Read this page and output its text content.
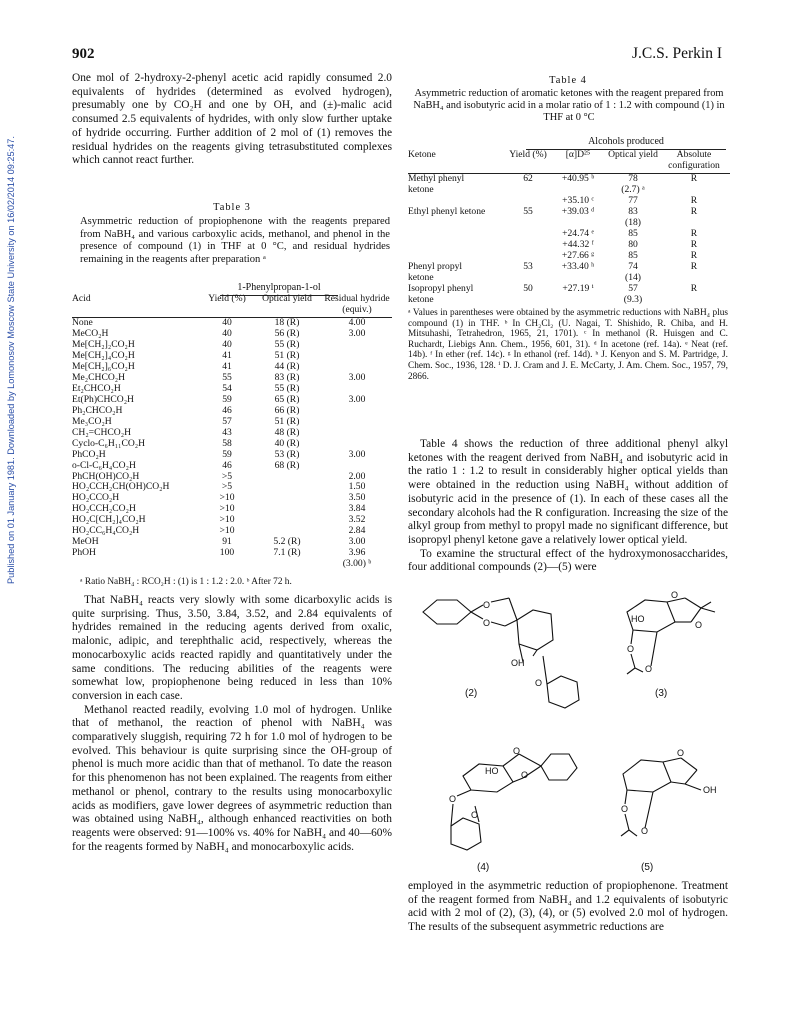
Published on 01 January 1981. Downloaded by Lomonosov Moscow State University on 16/02/2014 09:25:47.
902	J.C.S. Perkin I

One mol of 2-hydroxy-2-phenyl acetic acid rapidly consumed 2.0 equivalents of hydrides (determined as evolved hydrogen), presumably one by CO₂H and one by OH, and (±)-malic acid consumed 2.5 equivalents of hydrides, with only slow further uptake of hydride occurring. Further addition of 2 mol of (1) removes the residual hydrides on the reagents giving tetrasubstituted complexes which cannot react further.

Table 3
Asymmetric reduction of propiophenone with the reagents prepared from NaBH₄ and various carboxylic acids, methanol, and phenol in the presence of compound (1) in THF at 0 °C, and residual hydrides remaining in the reagents after preparation ᵃ
1-Phenylpropan-1-ol
Acid	Yield (%)	Optical yield	Residual hydride (equiv.)
None	40	18 (R)	4.00
MeCO₂H	40	56 (R)	3.00
Me[CH₂]₂CO₂H	40	55 (R)	
Me[CH₂]₄CO₂H	41	51 (R)	
Me[CH₂]₆CO₂H	41	44 (R)	
Me₂CHCO₂H	55	83 (R)	3.00
Et₂CHCO₂H	54	55 (R)	
Et(Ph)CHCO₂H	59	65 (R)	3.00
Ph₂CHCO₂H	46	66 (R)	
Me₃CO₂H	57	51 (R)	
CH₂=CHCO₂H	43	48 (R)	
Cyclo-C₆H₁₁CO₂H	58	40 (R)	
PhCO₂H	59	53 (R)	3.00
o-Cl-C₆H₄CO₂H	46	68 (R)	
PhCH(OH)CO₂H	>5		2.00
HO₂CCH₂CH(OH)CO₂H	>5		1.50
HO₂CCO₂H	>10		3.50
HO₂CCH₂CO₂H	>10		3.84
HO₂C[CH₂]₄CO₂H	>10		3.52
HO₂CC₆H₄CO₂H	>10		2.84
MeOH	91	5.2 (R)	3.00
PhOH	100	7.1 (R)	3.96
			(3.00) ᵇ
ᵃ Ratio NaBH₄ : RCO₂H : (1) is 1 : 1.2 : 2.0. ᵇ After 72 h.

That NaBH₄ reacts very slowly with some dicarboxylic acids is quite surprising. Thus, 3.50, 3.84, 3.52, and 2.84 equivalents of hydrides remained in the reducing agents derived from oxalic, malonic, adipic, and terephthalic acid, respectively, whereas the monocarboxylic acids reacted rapidly and quantitatively under the same conditions. The reducing abilities of the reagents were somewhat low, propiophenone being reduced in less than 10% conversion in each case.

Methanol reacted readily, evolving 1.0 mol of hydrogen. Unlike that of methanol, the reaction of phenol with NaBH₄ was comparatively sluggish, requiring 72 h for 1.0 mol of hydrogen to be evolved. This behaviour is quite surprising since the OH-group of phenol is much more acidic than that of methanol. To date the reason for this phenomenon has not been explained. The reagents from either methanol or phenol, contrary to the results using monocarboxylic acids as modifiers, gave lower degrees of asymmetric reduction than was obtained using NaBH₄, although enhanced reactivities on both reagents were observed: 91—100% vs. 40% for NaBH₄ and 40—60% for the reagents formed by NaBH₄ and monocarboxylic acids.

Table 4
Asymmetric reduction of aromatic ketones with the reagent prepared from NaBH₄ and isobutyric acid in a molar ratio of 1 : 1.2 with compound (1) in THF at 0 °C
Alcohols produced
Ketone	Yield (%)	[α]D²⁵	Optical yield	Absolute configuration
Methyl phenyl	62	+40.95 ᵇ	78	R
ketone			(2.7) ᵃ	
		+35.10 ᶜ	77	R
Ethyl phenyl ketone	55	+39.03 ᵈ	83	R
			(18)	
		+24.74 ᵉ	85	R
		+44.32 ᶠ	80	R
		+27.66 ᵍ	85	R
Phenyl propyl	53	+33.40 ʰ	74	R
ketone			(14)	
Isopropyl phenyl	50	+27.19 ⁱ	57	R
ketone			(9.3)	
ᵃ Values in parentheses were obtained by the asymmetric reductions with NaBH₄ plus compound (1) in THF. ᵇ In CH₂Cl₂ (U. Nagai, T. Shishido, R. Chiba, and H. Mitsuhashi, Tetrahedron, 1965, 21, 1701). ᶜ In methanol (R. Huisgen and C. Ruchardt, Liebigs Ann. Chem., 1956, 601, 31). ᵈ In acetone (ref. 14a). ᵉ Neat (ref. 14b). ᶠ In ether (ref. 14c). ᵍ In ethanol (ref. 14d). ʰ J. Kenyon and S. M. Partridge, J. Chem. Soc., 1936, 128. ⁱ D. J. Cram and J. E. McCarty, J. Am. Chem. Soc., 1957, 79, 2866.

Table 4 shows the reduction of three additional phenyl alkyl ketones with the reagent derived from NaBH₄ and isobutyric acid in the ratio 1 : 1.2 to result in considerably higher optical yields than were obtained in the reduction using NaBH₄ without addition of isobutyric acid in the presence of (1). In each of these cases all the secondary alcohols had the R configuration. Increasing the size of the alkyl group from methyl to propyl made no significant difference, but isopropyl phenyl ketone gave a relatively lower optical yield.

To examine the structural effect of the hydroxymonosaccharides, four additional compounds (2)—(5) were

O
O
O
OH
O
O
HO
O
O
O
O
HO
O
O
O
OH
O
O
(2)	(3)
(4)	(5)

employed in the asymmetric reduction of propiophenone. Treatment of the reagent formed from NaBH₄ and 1.2 equivalents of isobutyric acid with 2 mol of (2), (3), (4), or (5) evolved 2.0 mol of hydrogen. The results of the subsequent asymmetric reductions are
